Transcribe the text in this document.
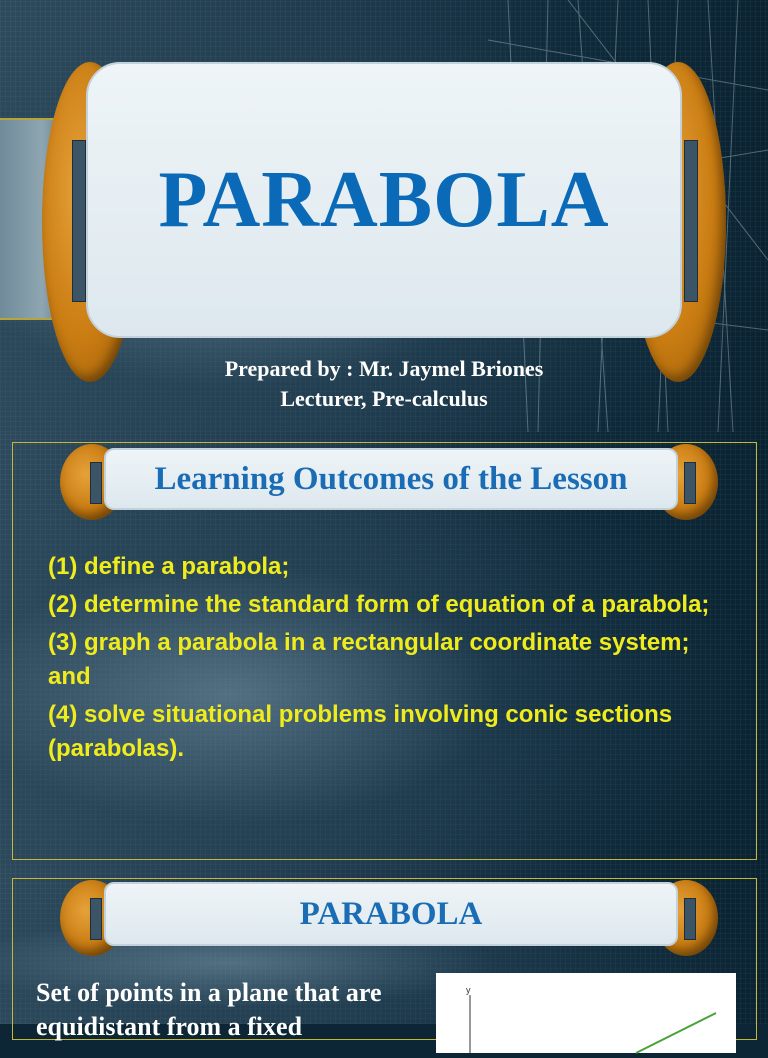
PARABOLA
Prepared by : Mr. Jaymel Briones
Lecturer, Pre-calculus
Learning Outcomes of the Lesson
(1) define a parabola;
(2) determine the standard form of equation of a parabola;
(3) graph a parabola in a rectangular coordinate system; and
(4) solve situational problems involving conic sections (parabolas).
PARABOLA
Set of points in a plane that are equidistant from a fixed
y
